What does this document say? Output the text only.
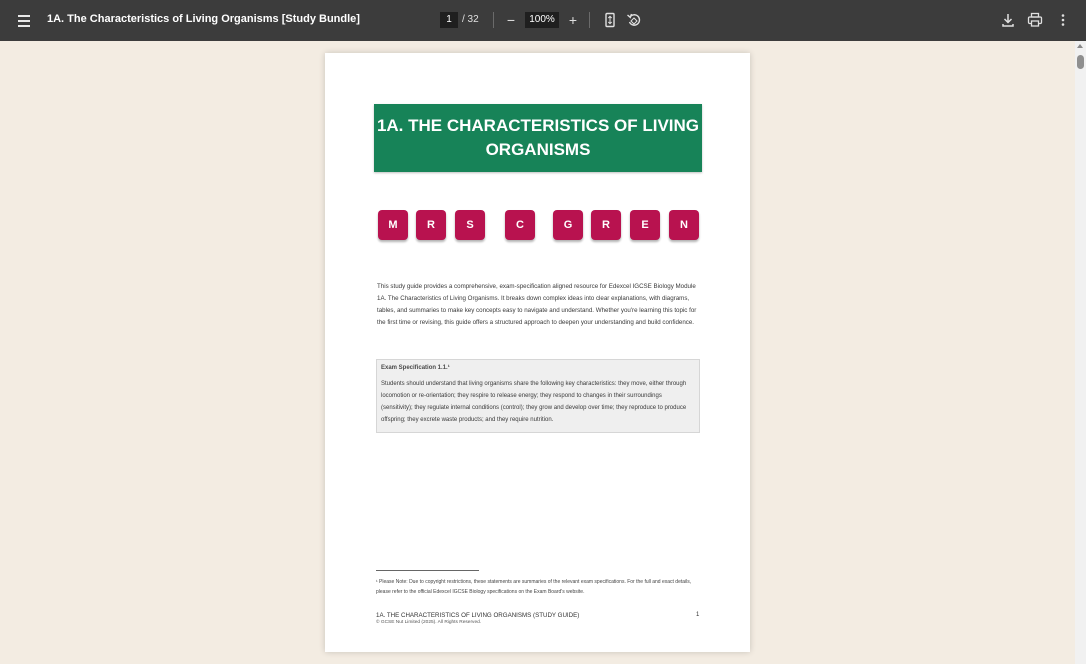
1A. The Characteristics of Living Organisms [Study Bundle]
1	/ 32 −
100%	+
1A. THE CHARACTERISTICS OF LIVING ORGANISMS
M	R	S	C	G	R	E	N
This study guide provides a comprehensive, exam-specification aligned resource for Edexcel IGCSE Biology Module 1A. The Characteristics of Living Organisms. It breaks down complex ideas into clear explanations, with diagrams, tables, and summaries to make key concepts easy to navigate and understand. Whether you're learning this topic for the first time or revising, this guide offers a structured approach to deepen your understanding and build confidence.
Exam Specification 1.1.¹
Students should understand that living organisms share the following key characteristics: they move, either through locomotion or re-orientation; they respire to release energy; they respond to changes in their surroundings (sensitivity); they regulate internal conditions (control); they grow and develop over time; they reproduce to produce offspring; they excrete waste products; and they require nutrition.
¹ Please Note: Due to copyright restrictions, these statements are summaries of the relevant exam specifications. For the full and exact details, please refer to the official Edexcel IGCSE Biology specifications on the Exam Board's website.
1A. THE CHARACTERISTICS OF LIVING ORGANISMS (STUDY GUIDE)	1
© GCSE Nut Limited (2025). All Rights Reserved.
